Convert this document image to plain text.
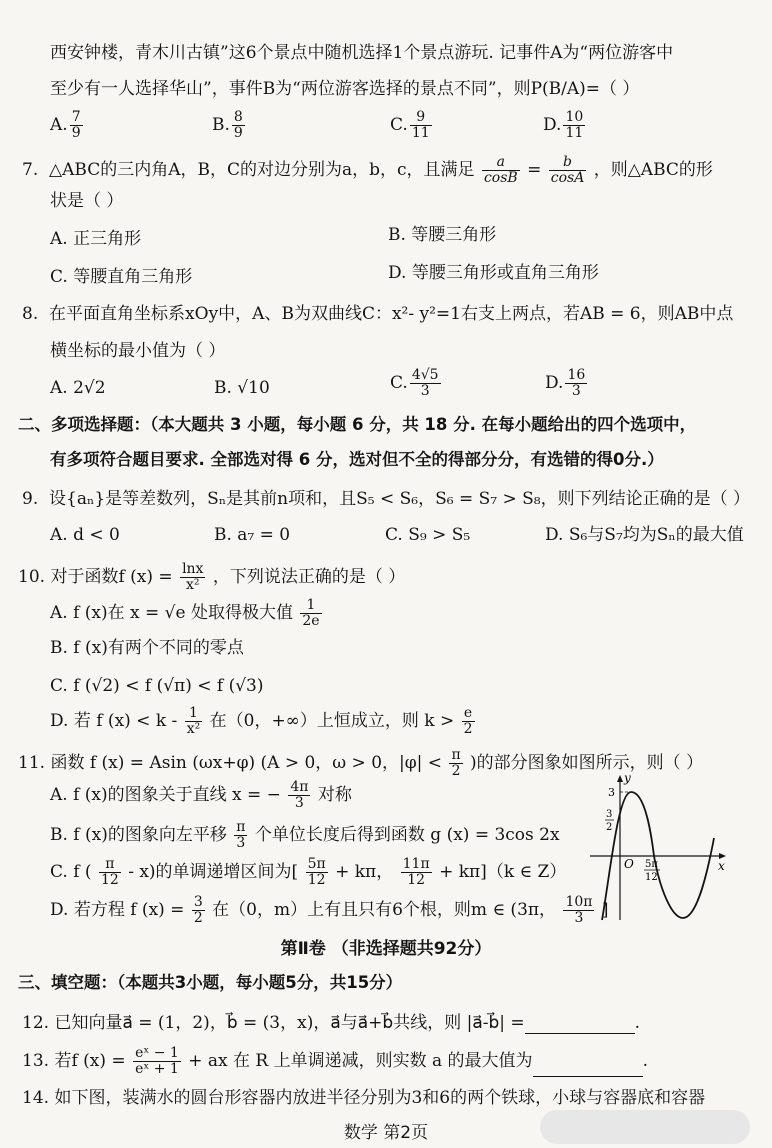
西安钟楼，青木川古镇”这6个景点中随机选择1个景点游玩. 记事件A为“两位游客中
至少有一人选择华山”，事件B为“两位游客选择的景点不同”，则P(B/A)=（ ）
A. $\frac{7}{9}$	B. $\frac{8}{9}$	C. $\frac{9}{11}$	D. $\frac{10}{11}$
7. △ABC的三内角A，B，C的对边分别为a，b，c，且满足 $\frac{a}{\cos B} = \frac{b}{\cos A}$ ，则△ABC的形
状是（ ）
A. 正三角形	B. 等腰三角形
C. 等腰直角三角形	D. 等腰三角形或直角三角形
8. 在平面直角坐标系xOy中，A、B为双曲线C：x²- y²=1右支上两点，若AB = 6，则AB中点
横坐标的最小值为（ ）
A. 2√2	B. √10	C. $\frac{4√5}{3}$	D. $\frac{16}{3}$
二、多项选择题：（本大题共 3 小题，每小题 6 分，共 18 分. 在每小题给出的四个选项中，
有多项符合题目要求. 全部选对得 6 分，选对但不全的得部分分，有选错的得0分.）
9. 设{aₙ}是等差数列，Sₙ是其前n项和，且S₅ < S₆，S₆ = S₇ > S₈，则下列结论正确的是（ ）
A. d < 0	B. a₇ = 0	C. S₉ > S₅	D. S₆与S₇均为Sₙ的最大值
10. 对于函数f $(x) = \frac{\ln x}{\text{x²}}$ ，下列说法正确的是（ ）
A. f (x)在 x = √e 处取得极大值 $\frac{1}{2e}$
B. f (x)有两个不同的零点
C. f (√2) < f (√π) < f (√3)
D. 若 f $(x) < k - \frac{1}{\text{x²}}$ 在（0，+∞）上恒成立，则 $k > \frac{e}{2}$
11. 函数 f (x) = Asin (ωx+φ) (A > 0，ω > 0，$|\varphi| < \frac{\pi}{2}$ )的部分图象如图所示，则（ ）
A. f (x)的图象关于直线 x = − $\frac{4\pi}{3}$ 对称
B. f (x)的图象向左平移 $\frac{\pi}{3}$ 个单位长度后得到函数 g (x) = 3cos 2x
C. f ( $\frac{\pi}{12} - x$)的单调递增区间为[ $\frac{5\pi}{12} + k\pi$， $\frac{11\pi}{12} + k\pi](k$ ∈ Z）
D. 若方程 f $(x) = \frac{3}{2}$ 在（0，m）上有且只有6个根，则m ∈ (3π， $\frac{10\pi}{3}$ ]
y
x
O
3
3
2
5π
12
第Ⅱ卷 （非选择题共92分）
三、填空题：（本题共3小题，每小题5分，共15分）
12. 已知向量a⃗ = (1，2)，b⃗ = (3，x)，a⃗与a⃗+b⃗共线，则 |a⃗-b⃗| =	.
13. 若f $(x) = \frac{\text{eˣ − 1}}{\text{eˣ + 1}}$ + ax 在 R 上单调递减，则实数 a 的最大值为	.
14. 如下图，装满水的圆台形容器内放进半径分别为3和6的两个铁球，小球与容器底和容器
数学 第2页
